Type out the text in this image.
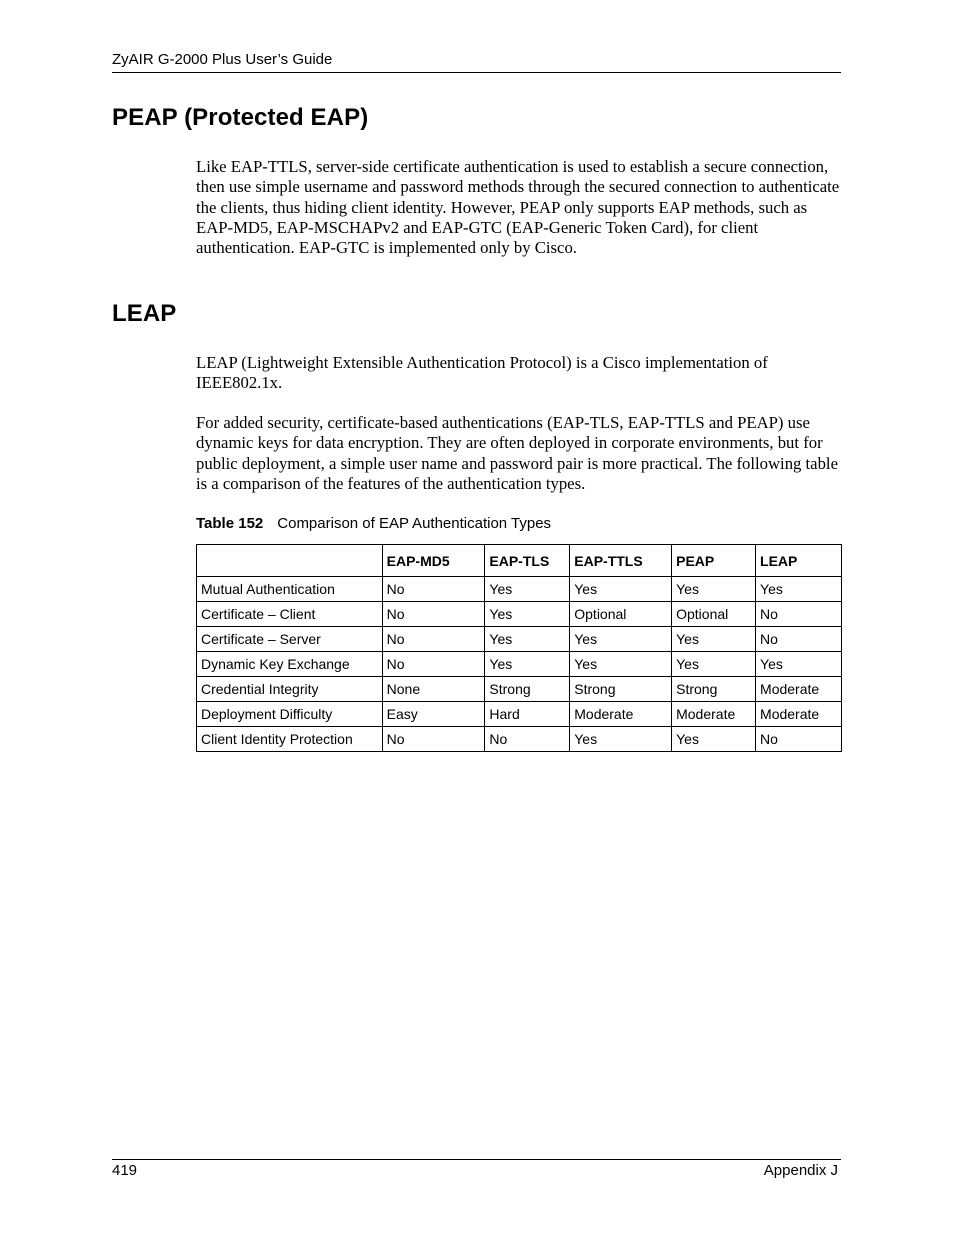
ZyAIR G-2000 Plus User’s Guide
PEAP (Protected EAP)

Like EAP-TTLS, server-side certificate authentication is used to establish a secure connection, then use simple username and password methods through the secured connection to authenticate the clients, thus hiding client identity. However, PEAP only supports EAP methods, such as EAP-MD5, EAP-MSCHAPv2 and EAP-GTC (EAP-Generic Token Card), for client authentication. EAP-GTC is implemented only by Cisco.

LEAP

LEAP (Lightweight Extensible Authentication Protocol) is a Cisco implementation of IEEE802.1x.

For added security, certificate-based authentications (EAP-TLS, EAP-TTLS and PEAP) use dynamic keys for data encryption. They are often deployed in corporate environments, but for public deployment, a simple user name and password pair is more practical. The following table is a comparison of the features of the authentication types.

Table 152 Comparison of EAP Authentication Types
	EAP-MD5	EAP-TLS	EAP-TTLS	PEAP	LEAP
Mutual Authentication	No	Yes	Yes	Yes	Yes
Certificate – Client	No	Yes	Optional	Optional	No
Certificate – Server	No	Yes	Yes	Yes	No
Dynamic Key Exchange	No	Yes	Yes	Yes	Yes
Credential Integrity	None	Strong	Strong	Strong	Moderate
Deployment Difficulty	Easy	Hard	Moderate	Moderate	Moderate
Client Identity Protection	No	No	Yes	Yes	No
419	Appendix J
